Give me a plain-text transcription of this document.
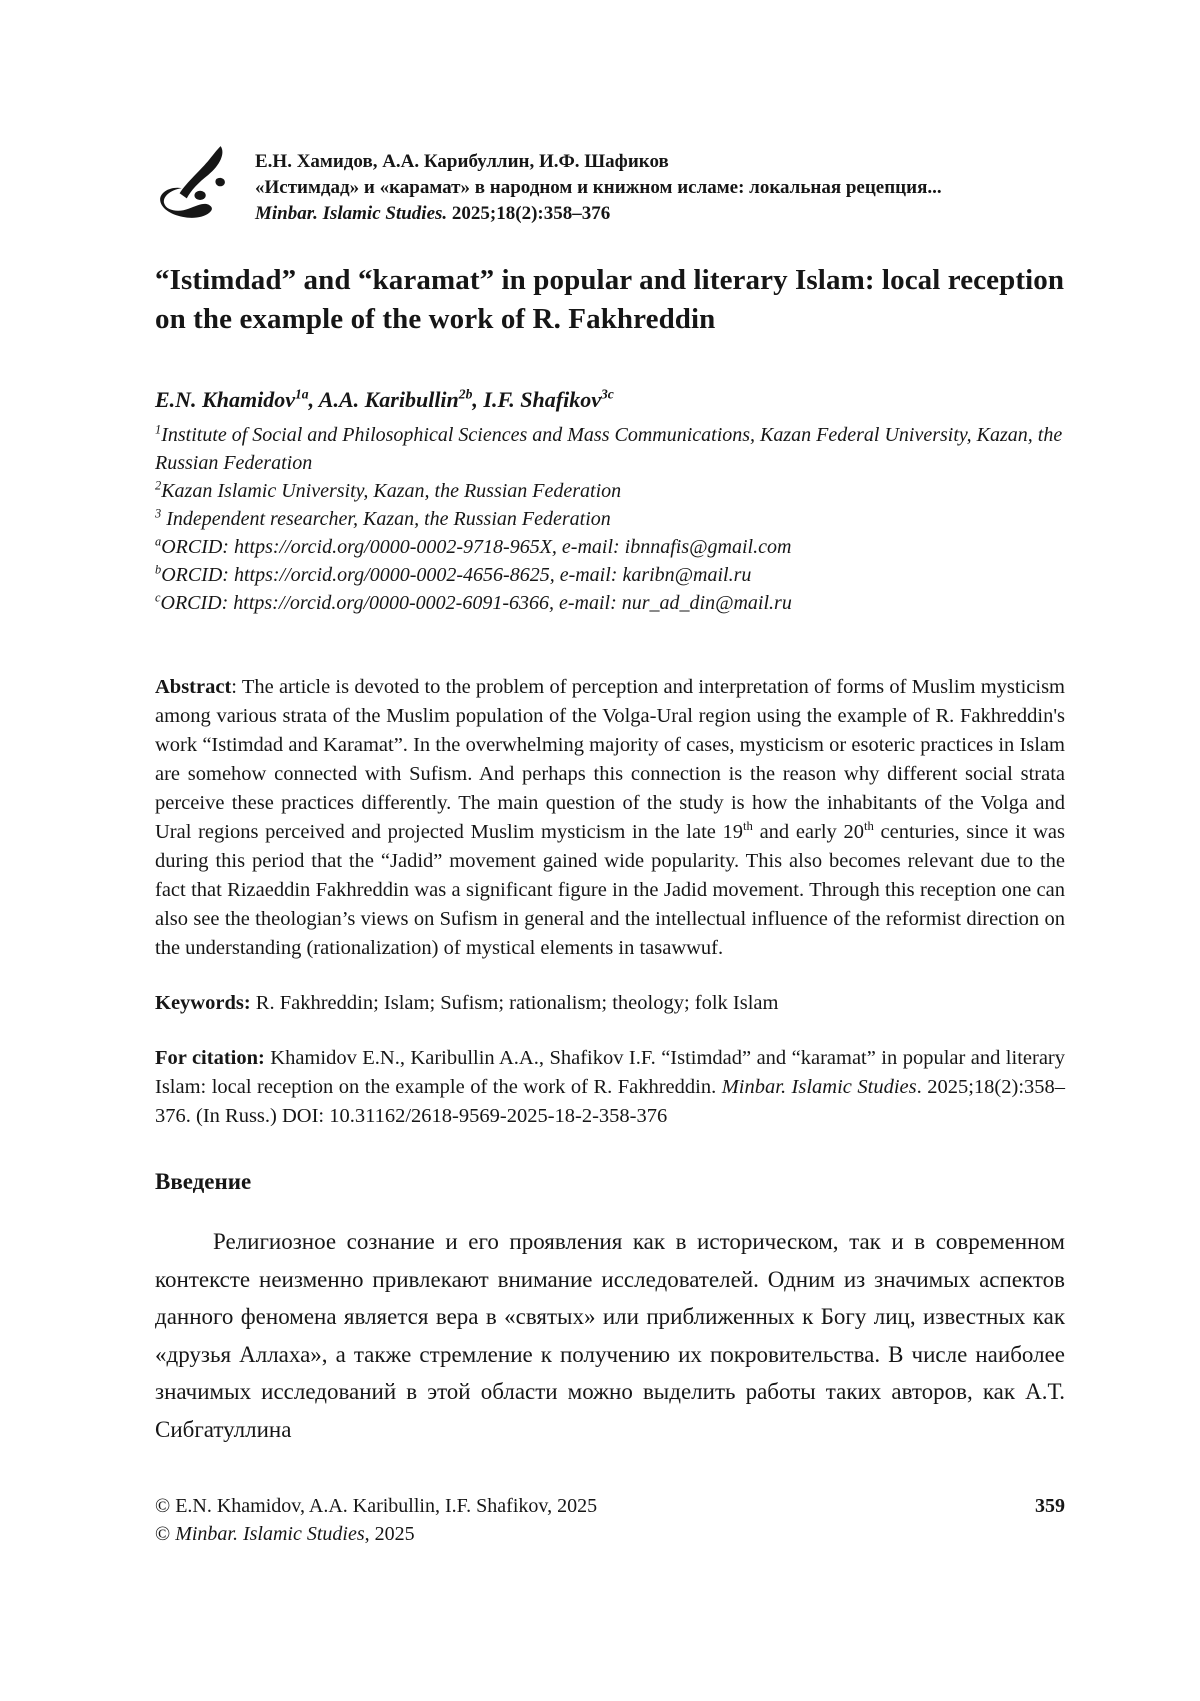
Е.Н. Хамидов, А.А. Карибуллин, И.Ф. Шафиков
«Истимдад» и «карамат» в народном и книжном исламе: локальная рецепция...
Minbar. Islamic Studies. 2025;18(2):358–376
“Istimdad” and “karamat” in popular and literary Islam: local reception on the example of the work of R. Fakhreddin
E.N. Khamidov$^{1a}$, A.A. Karibullin$^{2b}$, I.F. Shafikov$^{3c}$
$^1$Institute of Social and Philosophical Sciences and Mass Communications, Kazan Federal University, Kazan, the Russian Federation
$^2$Kazan Islamic University, Kazan, the Russian Federation
$^3$ Independent researcher, Kazan, the Russian Federation
$^a$ORCID: https://orcid.org/0000-0002-9718-965X, e-mail: ibnnafis@gmail.com
$^b$ORCID: https://orcid.org/0000-0002-4656-8625, e-mail: karibn@mail.ru
$^c$ORCID: https://orcid.org/0000-0002-6091-6366, e-mail: nur_ad_din@mail.ru

Abstract: The article is devoted to the problem of perception and interpretation of forms of Muslim mysticism among various strata of the Muslim population of the Volga-Ural region using the example of R. Fakhreddin's work “Istimdad and Karamat”. In the overwhelming majority of cases, mysticism or esoteric practices in Islam are somehow connected with Sufism. And perhaps this connection is the reason why different social strata perceive these practices differently. The main question of the study is how the inhabitants of the Volga and Ural regions perceived and projected Muslim mysticism in the late 19th and early 20th centuries, since it was during this period that the “Jadid” movement gained wide popularity. This also becomes relevant due to the fact that Rizaeddin Fakhreddin was a significant figure in the Jadid movement. Through this reception one can also see the theologian’s views on Sufism in general and the intellectual influence of the reformist direction on the understanding (rationalization) of mystical elements in tasawwuf.

Keywords: R. Fakhreddin; Islam; Sufism; rationalism; theology; folk Islam

For citation: Khamidov E.N., Karibullin A.A., Shafikov I.F. “Istimdad” and “karamat” in popular and literary Islam: local reception on the example of the work of R. Fakhreddin. Minbar. Islamic Studies. 2025;18(2):358–376. (In Russ.) DOI: 10.31162/2618-9569-2025-18-2-358-376

Введение

Религиозное сознание и его проявления как в историческом, так и в современном контексте неизменно привлекают внимание исследователей. Одним из значимых аспектов данного феномена является вера в «святых» или приближенных к Богу лиц, известных как «друзья Аллаха», а также стремление к получению их покровительства. В числе наиболее значимых исследований в этой области можно выделить работы таких авторов, как А.Т. Сибгатуллина

© E.N. Khamidov, A.A. Karibullin, I.F. Shafikov, 2025
© Minbar. Islamic Studies, 2025
359
